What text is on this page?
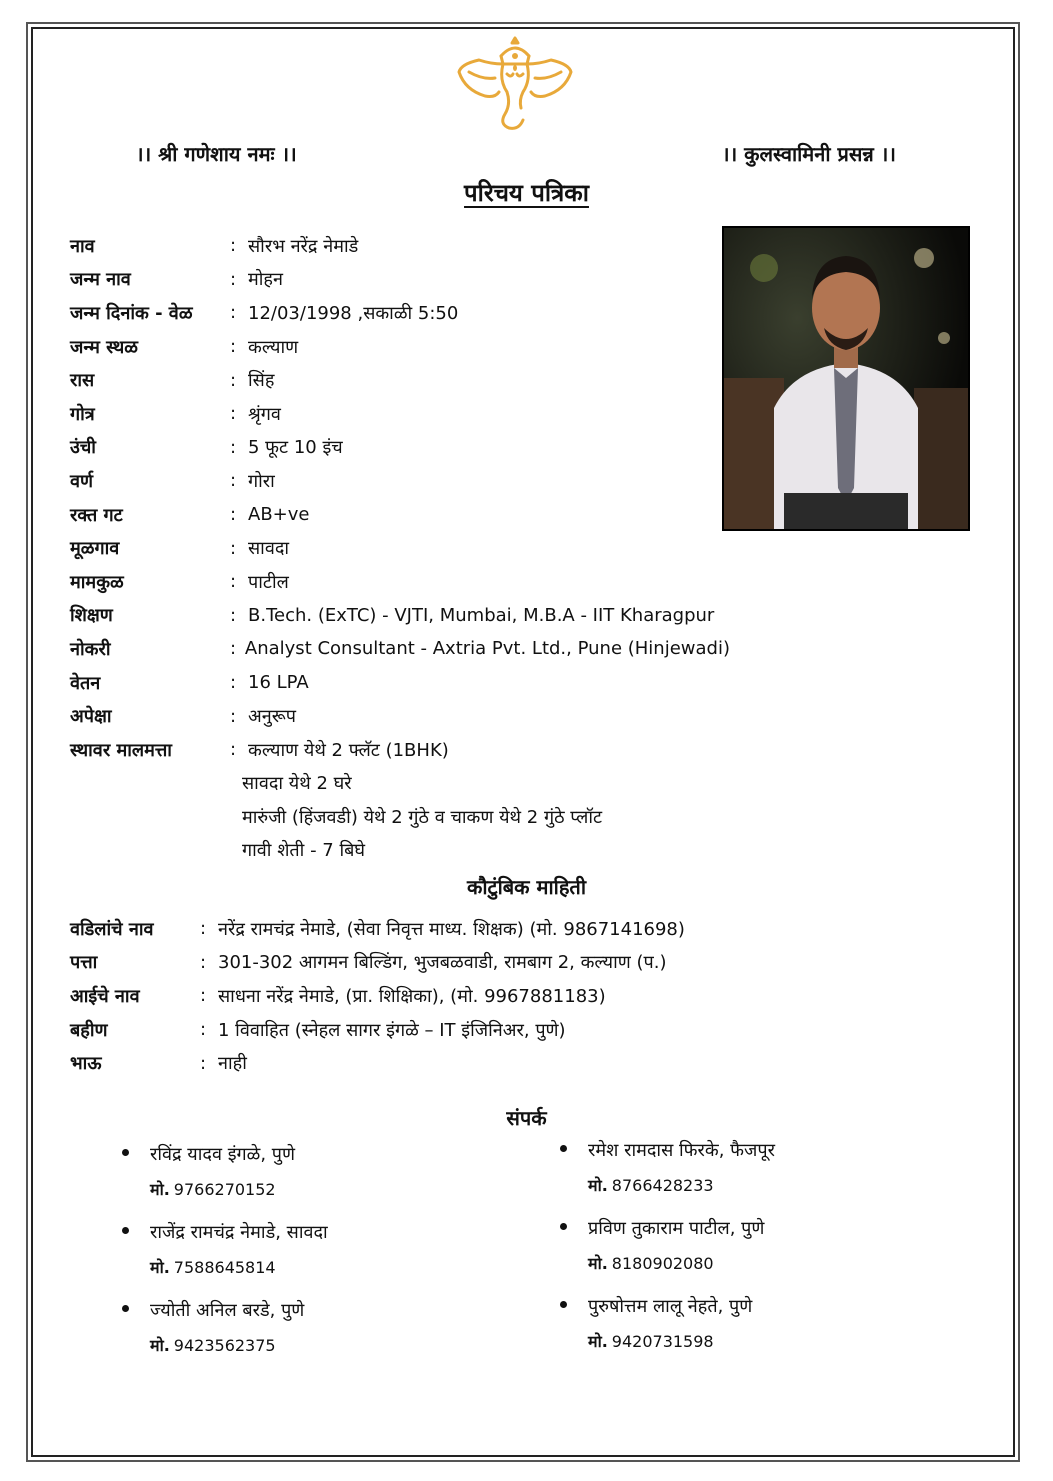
।। श्री गणेशाय नमः ।।	।। कुलस्वामिनी प्रसन्न ।।
परिचय पत्रिका
नाव	: सौरभ नरेंद्र नेमाडे
जन्म नाव	: मोहन
जन्म दिनांक - वेळ	: 12/03/1998 ,सकाळी 5:50
जन्म स्थळ	: कल्याण
रास	: सिंह
गोत्र	: श्रृंगव
उंची	: 5 फूट 10 इंच
वर्ण	: गोरा
रक्त गट	: AB+ve
मूळगाव	: सावदा
मामकुळ	: पाटील
शिक्षण	: B.Tech. (ExTC) - VJTI, Mumbai, M.B.A - IIT Kharagpur
नोकरी	: Analyst Consultant - Axtria Pvt. Ltd., Pune (Hinjewadi)
वेतन	: 16 LPA
अपेक्षा	: अनुरूप
स्थावर मालमत्ता	: कल्याण येथे 2 फ्लॅट (1BHK)
सावदा येथे 2 घरे
मारुंजी (हिंजवडी) येथे 2 गुंठे व चाकण येथे 2 गुंठे प्लॉट
गावी शेती - 7 बिघे
कौटुंबिक माहिती
वडिलांचे नाव	: नरेंद्र रामचंद्र नेमाडे, (सेवा निवृत्त माध्य. शिक्षक) (मो. 9867141698)
पत्ता	: 301-302 आगमन बिल्डिंग, भुजबळवाडी, रामबाग 2, कल्याण (प.)
आईचे नाव	: साधना नरेंद्र नेमाडे, (प्रा. शिक्षिका), (मो. 9967881183)
बहीण	: 1 विवाहित (स्नेहल सागर इंगळे – IT इंजिनिअर, पुणे)
भाऊ	: नाही
संपर्क
रविंद्र यादव इंगळे, पुणे
मो. 9766270152
राजेंद्र रामचंद्र नेमाडे, सावदा
मो. 7588645814
ज्योती अनिल बरडे, पुणे
मो. 9423562375
रमेश रामदास फिरके, फैजपूर
मो. 8766428233
प्रविण तुकाराम पाटील, पुणे
मो. 8180902080
पुरुषोत्तम लालू नेहते, पुणे
मो. 9420731598
